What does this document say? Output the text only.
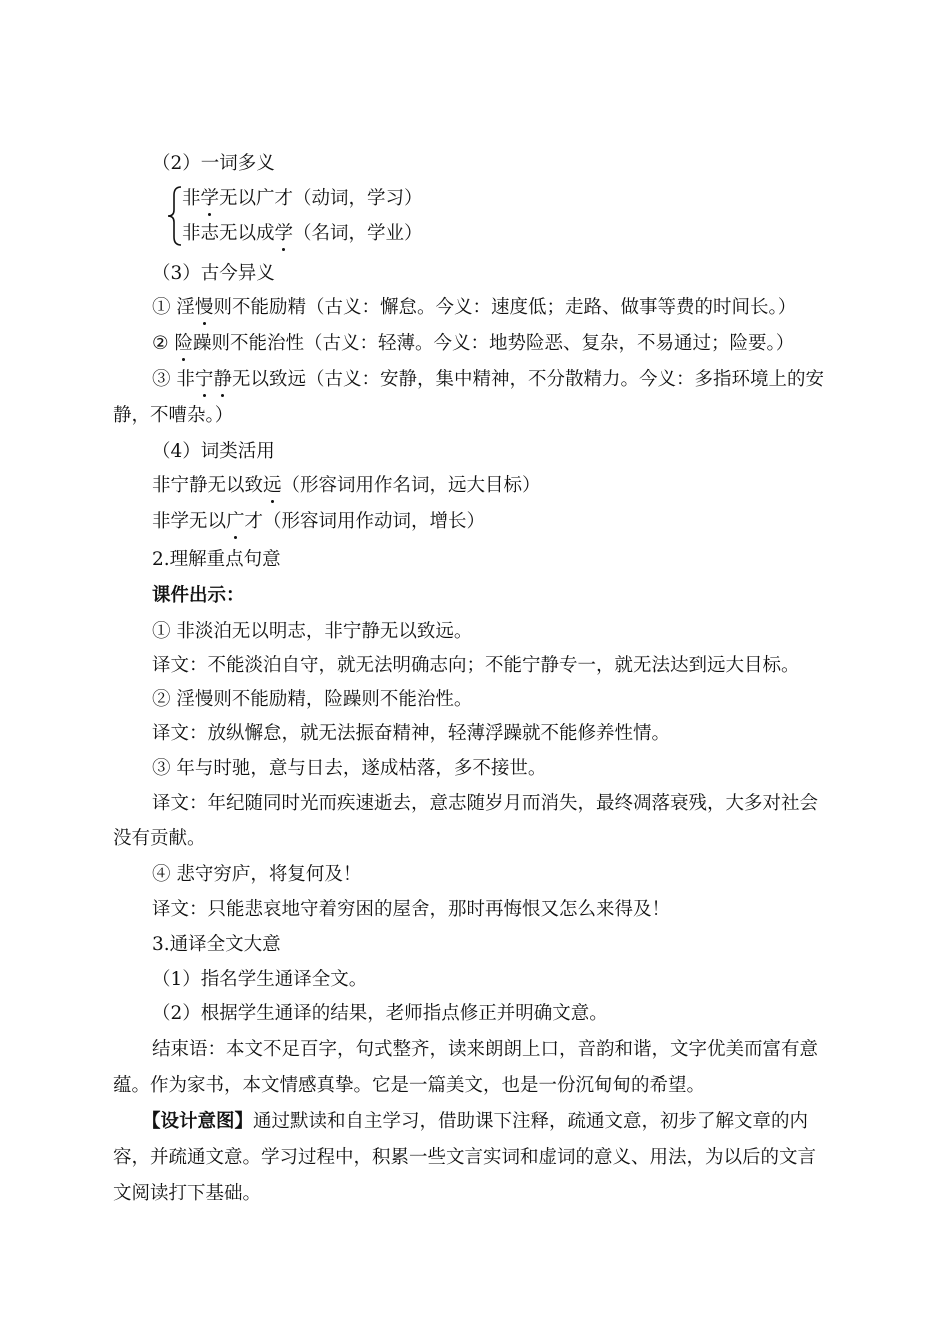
（2）一词多义
非学无以广才（动词，学习）
非志无以成学（名词，学业）
（3）古今异义
① 淫慢则不能励精（古义：懈怠。今义：速度低；走路、做事等费的时间长。）
② 险躁则不能治性（古义：轻薄。今义：地势险恶、复杂，不易通过；险要。）
③ 非宁静无以致远（古义：安静，集中精神，不分散精力。今义：多指环境上的安
静，不嘈杂。）
（4）词类活用
非宁静无以致远（形容词用作名词，远大目标）
非学无以广才（形容词用作动词，增长）
2.理解重点句意
课件出示：
① 非淡泊无以明志，非宁静无以致远。
译文：不能淡泊自守，就无法明确志向；不能宁静专一，就无法达到远大目标。
② 淫慢则不能励精，险躁则不能治性。
译文：放纵懈怠，就无法振奋精神，轻薄浮躁就不能修养性情。
③ 年与时驰，意与日去，遂成枯落，多不接世。
译文：年纪随同时光而疾速逝去，意志随岁月而消失，最终凋落衰残，大多对社会
没有贡献。
④ 悲守穷庐，将复何及！
译文：只能悲哀地守着穷困的屋舍，那时再悔恨又怎么来得及！
3.通译全文大意
（1）指名学生通译全文。
（2）根据学生通译的结果，老师指点修正并明确文意。
结束语：本文不足百字，句式整齐，读来朗朗上口，音韵和谐，文字优美而富有意
蕴。作为家书，本文情感真挚。它是一篇美文，也是一份沉甸甸的希望。
【设计意图】通过默读和自主学习，借助课下注释，疏通文意，初步了解文章的内
容，并疏通文意。学习过程中，积累一些文言实词和虚词的意义、用法，为以后的文言
文阅读打下基础。
